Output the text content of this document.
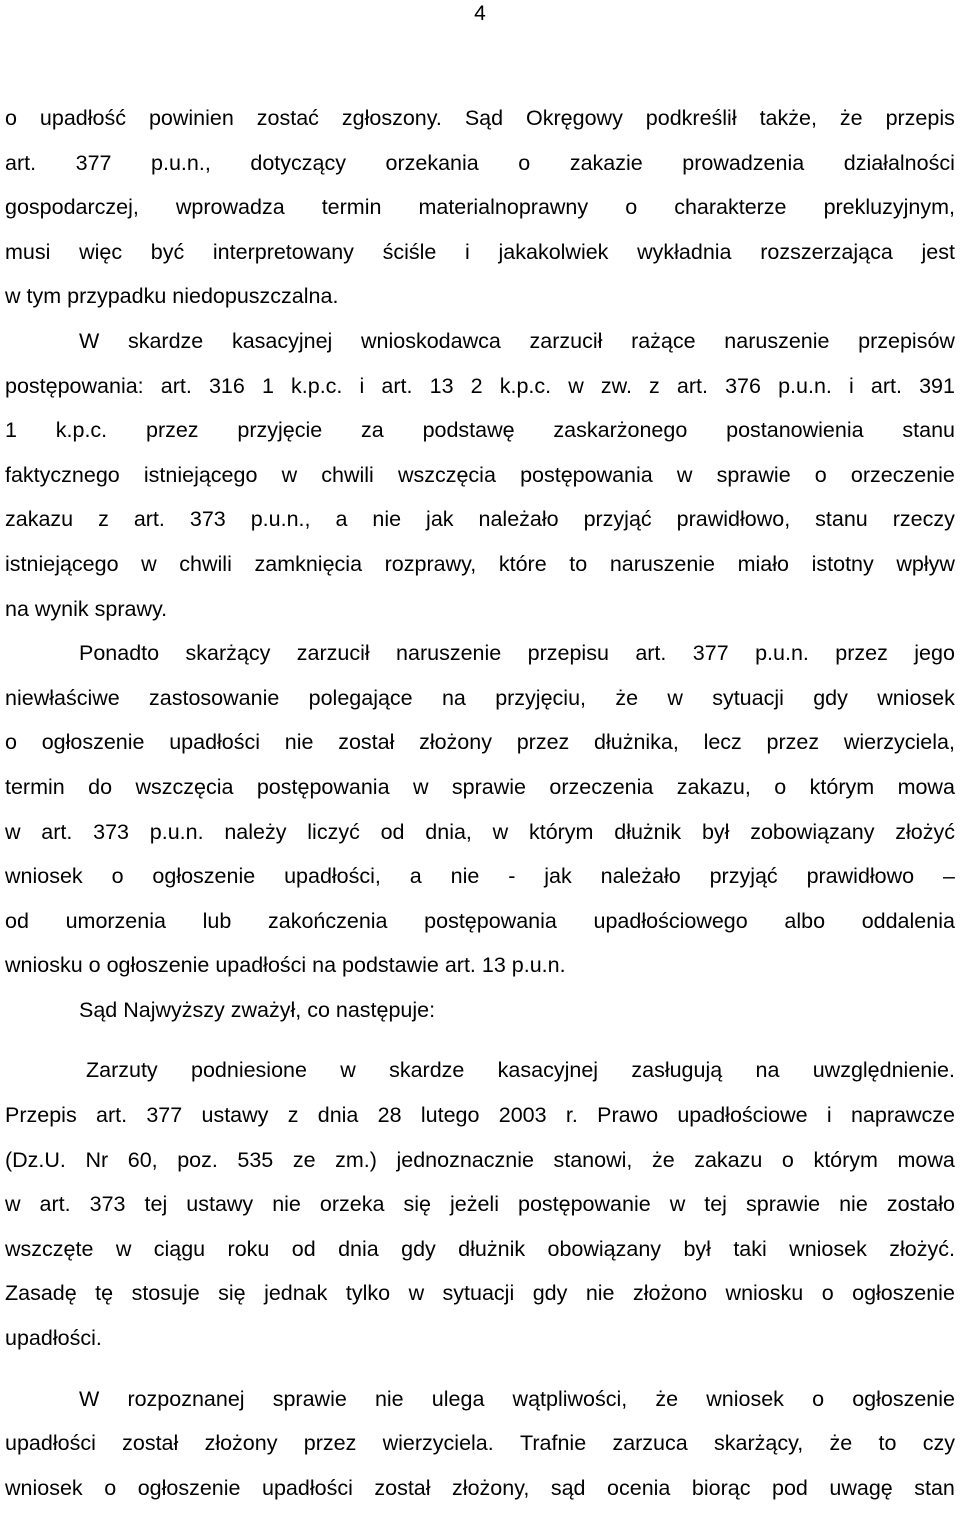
4
o upadłość powinien zostać zgłoszony. Sąd Okręgowy podkreślił także, że przepis
art. 377 p.u.n., dotyczący orzekania o zakazie prowadzenia działalności
gospodarczej, wprowadza termin materialnoprawny o charakterze prekluzyjnym,
musi więc być interpretowany ściśle i jakakolwiek wykładnia rozszerzająca jest
w tym przypadku niedopuszczalna.
W skardze kasacyjnej wnioskodawca zarzucił rażące naruszenie przepisów
postępowania: art. 316 1 k.p.c. i art. 13 2 k.p.c. w zw. z art. 376 p.u.n. i art. 391
1 k.p.c. przez przyjęcie za podstawę zaskarżonego postanowienia stanu
faktycznego istniejącego w chwili wszczęcia postępowania w sprawie o orzeczenie
zakazu z art. 373 p.u.n., a nie jak należało przyjąć prawidłowo, stanu rzeczy
istniejącego w chwili zamknięcia rozprawy, które to naruszenie miało istotny wpływ
na wynik sprawy.
Ponadto skarżący zarzucił naruszenie przepisu art. 377 p.u.n. przez jego
niewłaściwe zastosowanie polegające na przyjęciu, że w sytuacji gdy wniosek
o ogłoszenie upadłości nie został złożony przez dłużnika, lecz przez wierzyciela,
termin do wszczęcia postępowania w sprawie orzeczenia zakazu, o którym mowa
w art. 373 p.u.n. należy liczyć od dnia, w którym dłużnik był zobowiązany złożyć
wniosek o ogłoszenie upadłości, a nie - jak należało przyjąć prawidłowo –
od umorzenia lub zakończenia postępowania upadłościowego albo oddalenia
wniosku o ogłoszenie upadłości na podstawie art. 13 p.u.n.
Sąd Najwyższy zważył, co następuje:
Zarzuty podniesione w skardze kasacyjnej zasługują na uwzględnienie.
Przepis art. 377 ustawy z dnia 28 lutego 2003 r. Prawo upadłościowe i naprawcze
(Dz.U. Nr 60, poz. 535 ze zm.) jednoznacznie stanowi, że zakazu o którym mowa
w art. 373 tej ustawy nie orzeka się jeżeli postępowanie w tej sprawie nie zostało
wszczęte w ciągu roku od dnia gdy dłużnik obowiązany był taki wniosek złożyć.
Zasadę tę stosuje się jednak tylko w sytuacji gdy nie złożono wniosku o ogłoszenie
upadłości.
W rozpoznanej sprawie nie ulega wątpliwości, że wniosek o ogłoszenie
upadłości został złożony przez wierzyciela. Trafnie zarzuca skarżący, że to czy
wniosek o ogłoszenie upadłości został złożony, sąd ocenia biorąc pod uwagę stan
